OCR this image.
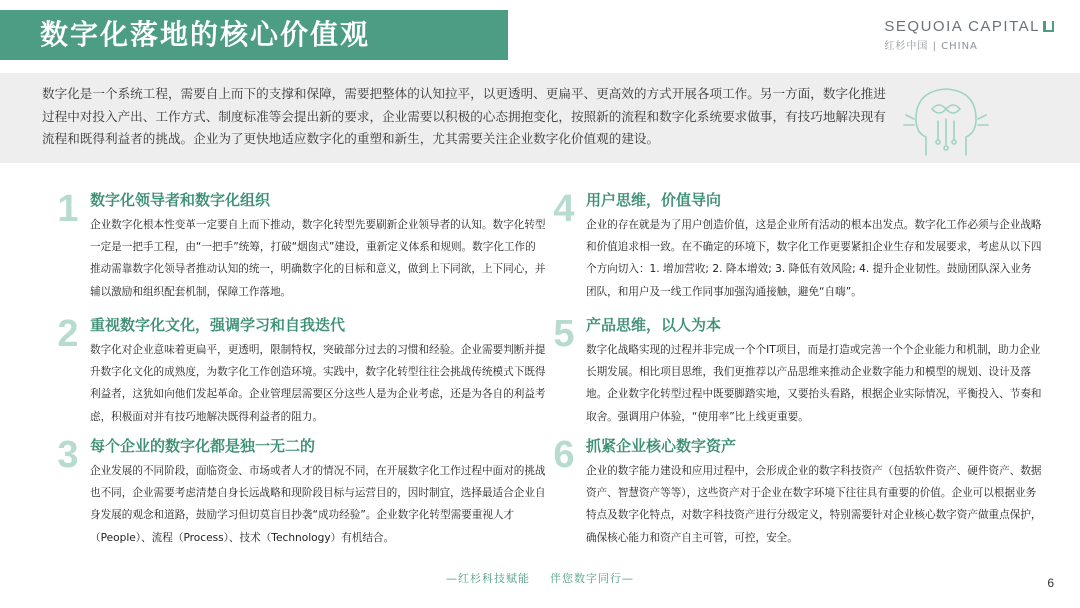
数字化落地的核心价值观	SEQUOIA CAPITAL
红杉中国 | CHINA
数字化是一个系统工程，需要自上而下的支撑和保障，需要把整体的认知拉平，以更透明、更扁平、更高效的方式开展各项工作。另一方面，数字化推进过程中对投入产出、工作方式、制度标准等会提出新的要求，企业需要以积极的心态拥抱变化，按照新的流程和数字化系统要求做事，有技巧地解决现有流程和既得利益者的挑战。企业为了更快地适应数字化的重塑和新生，尤其需要关注企业数字化价值观的建设。
1 数字化领导者和数字化组织
企业数字化根本性变革一定要自上而下推动，数字化转型先要刷新企业领导者的认知。数字化转型一定是一把手工程，由“一把手”统筹，打破“烟囱式”建设，重新定义体系和规则。数字化工作的推动需靠数字化领导者推动认知的统一，明确数字化的目标和意义，做到上下同欲，上下同心，并辅以激励和组织配套机制，保障工作落地。
2 重视数字化文化，强调学习和自我迭代
数字化对企业意味着更扁平，更透明，限制特权，突破部分过去的习惯和经验。企业需要判断并提升数字化文化的成熟度，为数字化工作创造环境。实践中，数字化转型往往会挑战传统模式下既得利益者，这犹如向他们发起革命。企业管理层需要区分这些人是为企业考虑，还是为各自的利益考虑，积极面对并有技巧地解决既得利益者的阻力。
3 每个企业的数字化都是独一无二的
企业发展的不同阶段，面临资金、市场或者人才的情况不同，在开展数字化工作过程中面对的挑战也不同，企业需要考虑清楚自身长远战略和现阶段目标与运营目的，因时制宜，选择最适合企业自身发展的观念和道路，鼓励学习但切莫盲目抄袭“成功经验”。企业数字化转型需要重视人才（People）、流程（Process）、技术（Technology）有机结合。
4 用户思维，价值导向
企业的存在就是为了用户创造价值，这是企业所有活动的根本出发点。数字化工作必须与企业战略和价值追求相一致。在不确定的环境下，数字化工作更要紧扣企业生存和发展要求，考虑从以下四个方向切入：1. 增加营收; 2. 降本增效; 3. 降低有效风险; 4. 提升企业韧性。鼓励团队深入业务团队，和用户及一线工作同事加强沟通接触，避免“自嗨”。
5 产品思维，以人为本
数字化战略实现的过程并非完成一个个IT项目，而是打造或完善一个个企业能力和机制，助力企业长期发展。相比项目思维，我们更推荐以产品思维来推动企业数字能力和模型的规划、设计及落地。企业数字化转型过程中既要脚踏实地，又要抬头看路，根据企业实际情况，平衡投入、节奏和取舍。强调用户体验，“使用率”比上线更重要。
6 抓紧企业核心数字资产
企业的数字能力建设和应用过程中，会形成企业的数字科技资产（包括软件资产、硬件资产、数据资产、智慧资产等等），这些资产对于企业在数字环境下往往具有重要的价值。企业可以根据业务特点及数字化特点，对数字科技资产进行分级定义，特别需要针对企业核心数字资产做重点保护，确保核心能力和资产自主可管，可控，安全。
—红杉科技赋能 伴您数字同行—	6
